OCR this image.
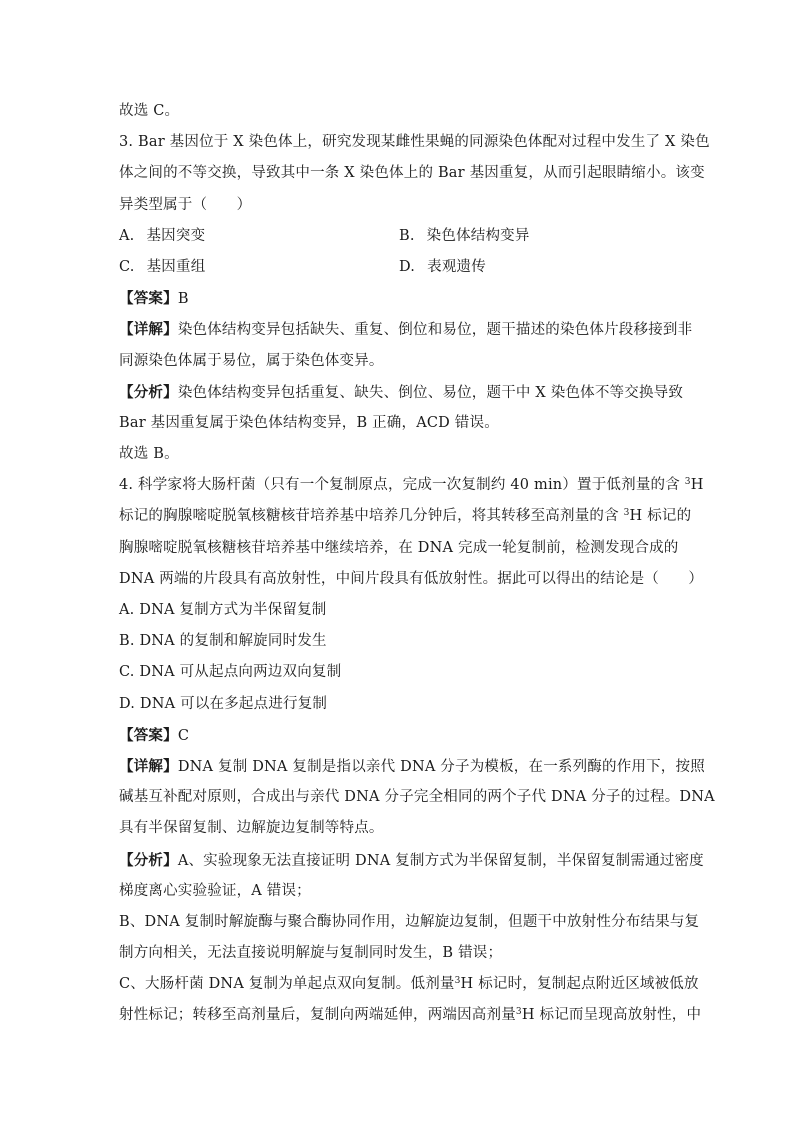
故选 C。
3. Bar 基因位于 X 染色体上，研究发现某雌性果蝇的同源染色体配对过程中发生了 X 染色
体之间的不等交换，导致其中一条 X 染色体上的 Bar 基因重复，从而引起眼睛缩小。该变
异类型属于（　　）
A. 基因突变	B. 染色体结构变异
C. 基因重组	D. 表观遗传
【答案】B
【详解】染色体结构变异包括缺失、重复、倒位和易位，题干描述的染色体片段移接到非
同源染色体属于易位，属于染色体变异。
【分析】染色体结构变异包括重复、缺失、倒位、易位，题干中 X 染色体不等交换导致
Bar 基因重复属于染色体结构变异，B 正确，ACD 错误。
故选 B。
4. 科学家将大肠杆菌（只有一个复制原点，完成一次复制约 40 min）置于低剂量的含 $^3$H
标记的胸腺嘧啶脱氧核糖核苷培养基中培养几分钟后，将其转移至高剂量的含 $^3$H 标记的
胸腺嘧啶脱氧核糖核苷培养基中继续培养，在 DNA 完成一轮复制前，检测发现合成的
DNA 两端的片段具有高放射性，中间片段具有低放射性。据此可以得出的结论是（　　）
A. DNA 复制方式为半保留复制
B. DNA 的复制和解旋同时发生
C. DNA 可从起点向两边双向复制
D. DNA 可以在多起点进行复制
【答案】C
【详解】DNA 复制 DNA 复制是指以亲代 DNA 分子为模板，在一系列酶的作用下，按照
碱基互补配对原则，合成出与亲代 DNA 分子完全相同的两个子代 DNA 分子的过程。DNA
具有半保留复制、边解旋边复制等特点。
【分析】A、实验现象无法直接证明 DNA 复制方式为半保留复制，半保留复制需通过密度
梯度离心实验验证，A 错误；
B、DNA 复制时解旋酶与聚合酶协同作用，边解旋边复制，但题干中放射性分布结果与复
制方向相关，无法直接说明解旋与复制同时发生，B 错误；
C、大肠杆菌 DNA 复制为单起点双向复制。低剂量$^3$H 标记时，复制起点附近区域被低放
射性标记；转移至高剂量后，复制向两端延伸，两端因高剂量$^3$H 标记而呈现高放射性，中
